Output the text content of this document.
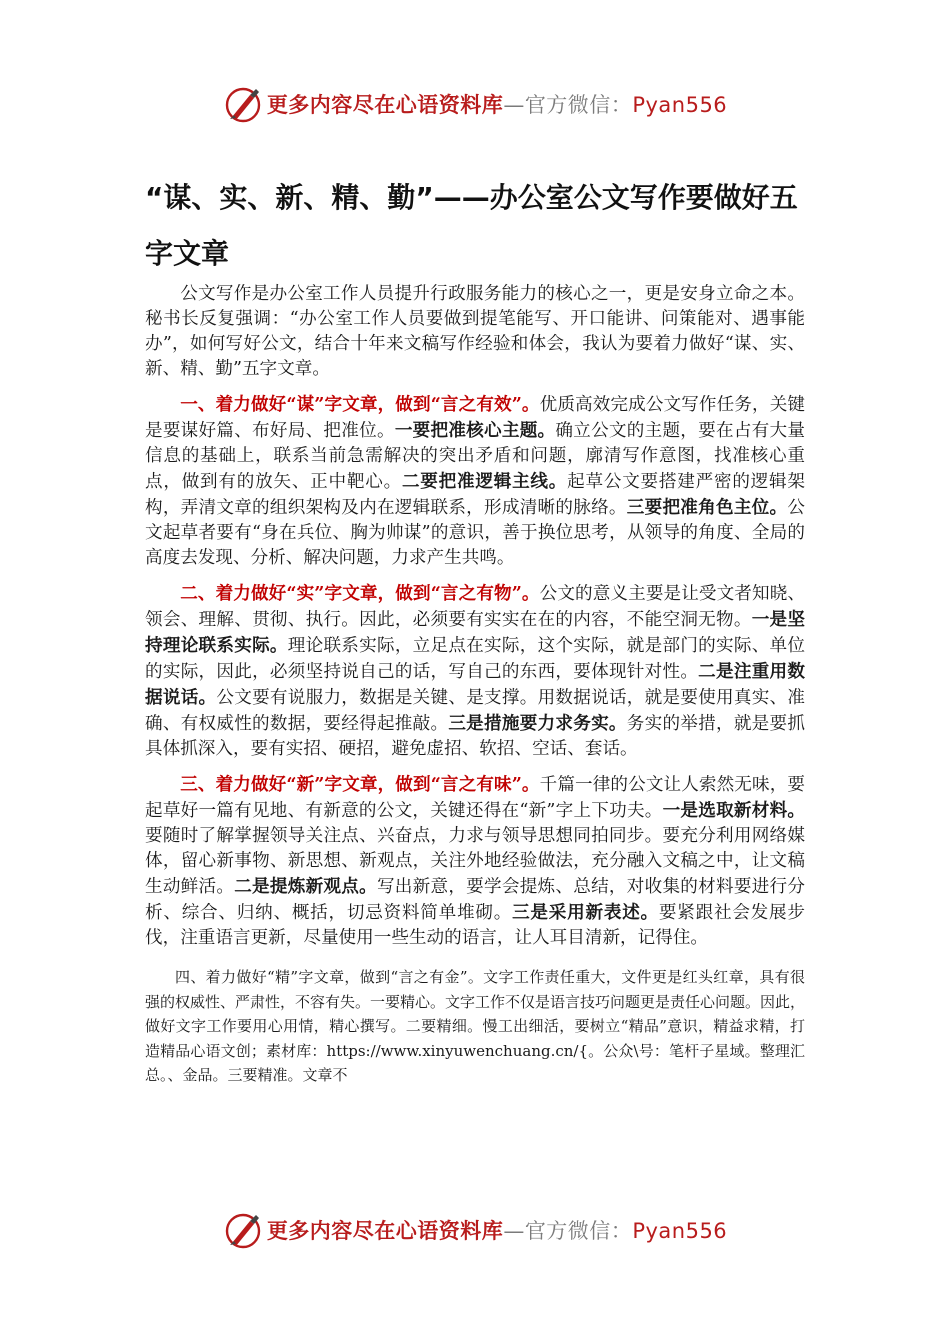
更多内容尽在心语资料库—官方微信：Pyan556
“谋、实、新、精、勤”——办公室公文写作要做好五字文章

公文写作是办公室工作人员提升行政服务能力的核心之一，更是安身立命之本。秘书长反复强调：“办公室工作人员要做到提笔能写、开口能讲、问策能对、遇事能办”，如何写好公文，结合十年来文稿写作经验和体会，我认为要着力做好“谋、实、新、精、勤”五字文章。

一、着力做好“谋”字文章，做到“言之有效”。优质高效完成公文写作任务，关键是要谋好篇、布好局、把准位。一要把准核心主题。确立公文的主题，要在占有大量信息的基础上，联系当前急需解决的突出矛盾和问题，廓清写作意图，找准核心重点，做到有的放矢、正中靶心。二要把准逻辑主线。起草公文要搭建严密的逻辑架构，弄清文章的组织架构及内在逻辑联系，形成清晰的脉络。三要把准角色主位。公文起草者要有“身在兵位、胸为帅谋”的意识，善于换位思考，从领导的角度、全局的高度去发现、分析、解决问题，力求产生共鸣。

二、着力做好“实”字文章，做到“言之有物”。公文的意义主要是让受文者知晓、领会、理解、贯彻、执行。因此，必须要有实实在在的内容，不能空洞无物。一是坚持理论联系实际。理论联系实际，立足点在实际，这个实际，就是部门的实际、单位的实际，因此，必须坚持说自己的话，写自己的东西，要体现针对性。二是注重用数据说话。公文要有说服力，数据是关键、是支撑。用数据说话，就是要使用真实、准确、有权威性的数据，要经得起推敲。三是措施要力求务实。务实的举措，就是要抓具体抓深入，要有实招、硬招，避免虚招、软招、空话、套话。

三、着力做好“新”字文章，做到“言之有味”。千篇一律的公文让人索然无味，要起草好一篇有见地、有新意的公文，关键还得在“新”字上下功夫。一是选取新材料。要随时了解掌握领导关注点、兴奋点，力求与领导思想同拍同步。要充分利用网络媒体，留心新事物、新思想、新观点，关注外地经验做法，充分融入文稿之中，让文稿生动鲜活。二是提炼新观点。写出新意，要学会提炼、总结，对收集的材料要进行分析、综合、归纳、概括，切忌资料简单堆砌。三是采用新表述。要紧跟社会发展步伐，注重语言更新，尽量使用一些生动的语言，让人耳目清新，记得住。

四、着力做好“精”字文章，做到“言之有金”。文字工作责任重大，文件更是红头红章，具有很强的权威性、严肃性，不容有失。一要精心。文字工作不仅是语言技巧问题更是责任心问题。因此，做好文字工作要用心用情，精心撰写。二要精细。慢工出细活，要树立“精品”意识，精益求精，打造精品心语文创；素材库：https://www.xinyuwenchuang.cn/{。公众\号：笔杆子星域。整理汇总。、金品。三要精准。文章不

更多内容尽在心语资料库—官方微信：Pyan556
